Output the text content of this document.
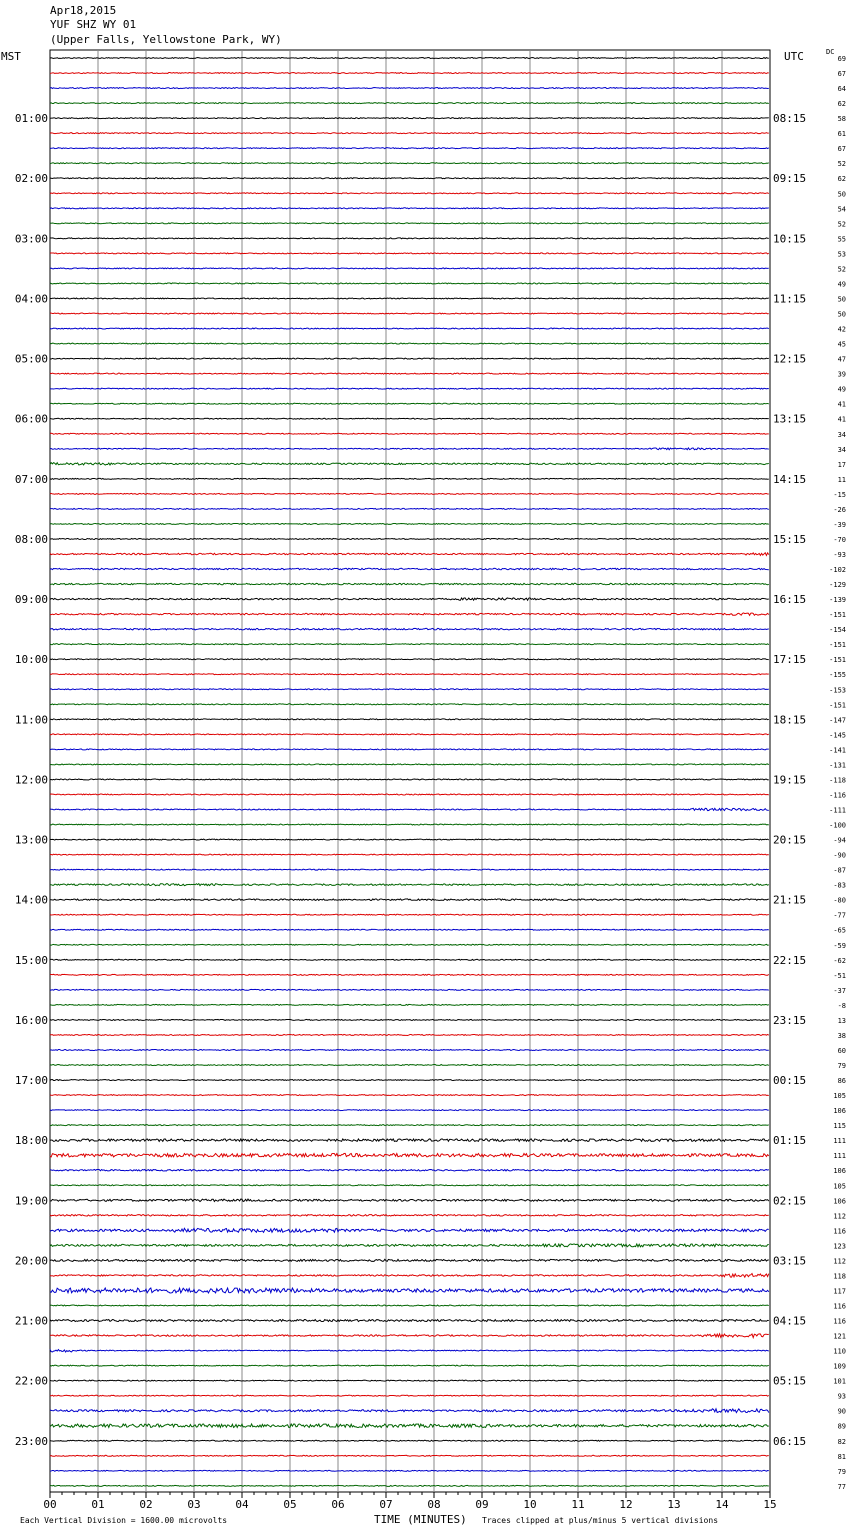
Apr18,2015
YUF SHZ WY 01
(Upper Falls, Yellowstone Park, WY)
MST	UTC	DC
69
67
64
62
58
61
67
52
62
50
54
52
55
53
52
49
50
50
42
45
47
39
49
41
41
34
34
17
11
-15
-26
-39
-70
-93
-102
-129
-139
-151
-154
-151
-151
-155
-153
-151
-147
-145
-141
-131
-118
-116
-111
-100
-94
-90
-87
-83
-80
-77
-65
-59
-62
-51
-37
-8
13
38
60
79
86
105
106
115
111
111
106
105
106
112
116
123
112
118
117
116
116
121
110
109
101
93
90
89
82
81
79
77
01:00	08:15
02:00	09:15
03:00	10:15
04:00	11:15
05:00	12:15
06:00	13:15
07:00	14:15
08:00	15:15
09:00	16:15
10:00	17:15
11:00	18:15
12:00	19:15
13:00	20:15
14:00	21:15
15:00	22:15
16:00	23:15
17:00	00:15
18:00	01:15
19:00	02:15
20:00	03:15
21:00	04:15
22:00	05:15
23:00	06:15
00	01	02	03	04	05	06	07	08	09	10	11	12	13	14	15
Each Vertical Division = 1600.00 microvolts	TIME (MINUTES) Traces clipped at plus/minus 5 vertical divisions
